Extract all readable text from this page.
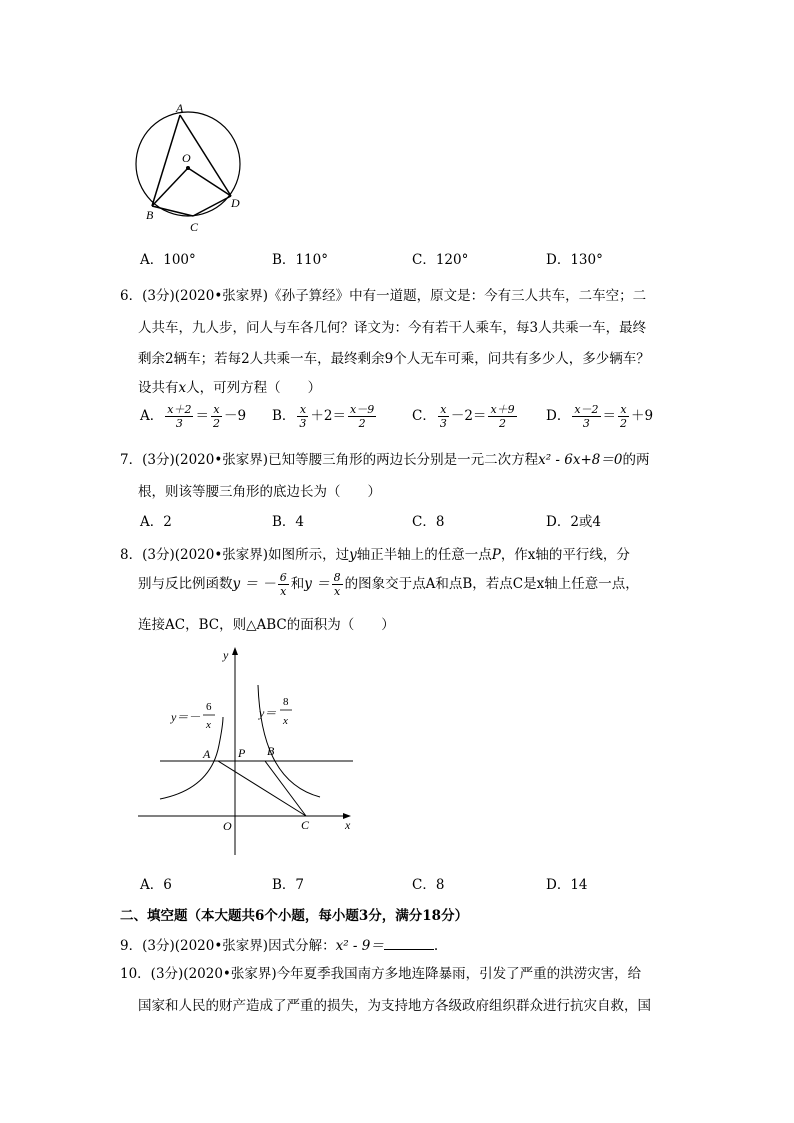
A
O
B
C
D
A．100°	B．110°	C．120°	D．130°
6．(3分)(2020•张家界)《孙子算经》中有一道题，原文是：今有三人共车，二车空；二
人共车，九人步，问人与车各几何？译文为：今有若干人乘车，每3人共乘一车，最终
剩余2辆车；若每2人共乘一车，最终剩余9个人无车可乘，问共有多少人，多少辆车？
设共有x人，可列方程（　　）
A． $\frac{x+2}{3} = \frac{x}{2} -9$ B． $\frac{x}{3} +2= \frac{x-9}{2}$	C． $\frac{x}{3} -2= \frac{x+9}{2}$ D． $\frac{x-2}{3} = \frac{x}{2} +9$
7．(3分)(2020•张家界)已知等腰三角形的两边长分别是一元二次方程x² - 6x+8＝0的两
根，则该等腰三角形的底边长为（　　）
A．2	B．4	C．8	D．2或4
8．(3分)(2020•张家界)如图所示，过y轴正半轴上的任意一点P，作x轴的平行线，分
别与反比例函数y ＝ － $\frac{6}{x}$ 和$y = \frac{8}{x}$ 的图象交于点A和点B，若点C是x轴上任意一点，
连接AC，BC，则△ABC的面积为（　　）
y
x
O
A P B
C
y＝－
6
x
y＝
8
x
A．6	B．7	C．8	D．14
二、填空题（本大题共6个小题，每小题3分，满分18分）
9．(3分)(2020•张家界)因式分解：x² - 9＝	.
10．(3分)(2020•张家界)今年夏季我国南方多地连降暴雨，引发了严重的洪涝灾害，给
国家和人民的财产造成了严重的损失，为支持地方各级政府组织群众进行抗灾自救，国
